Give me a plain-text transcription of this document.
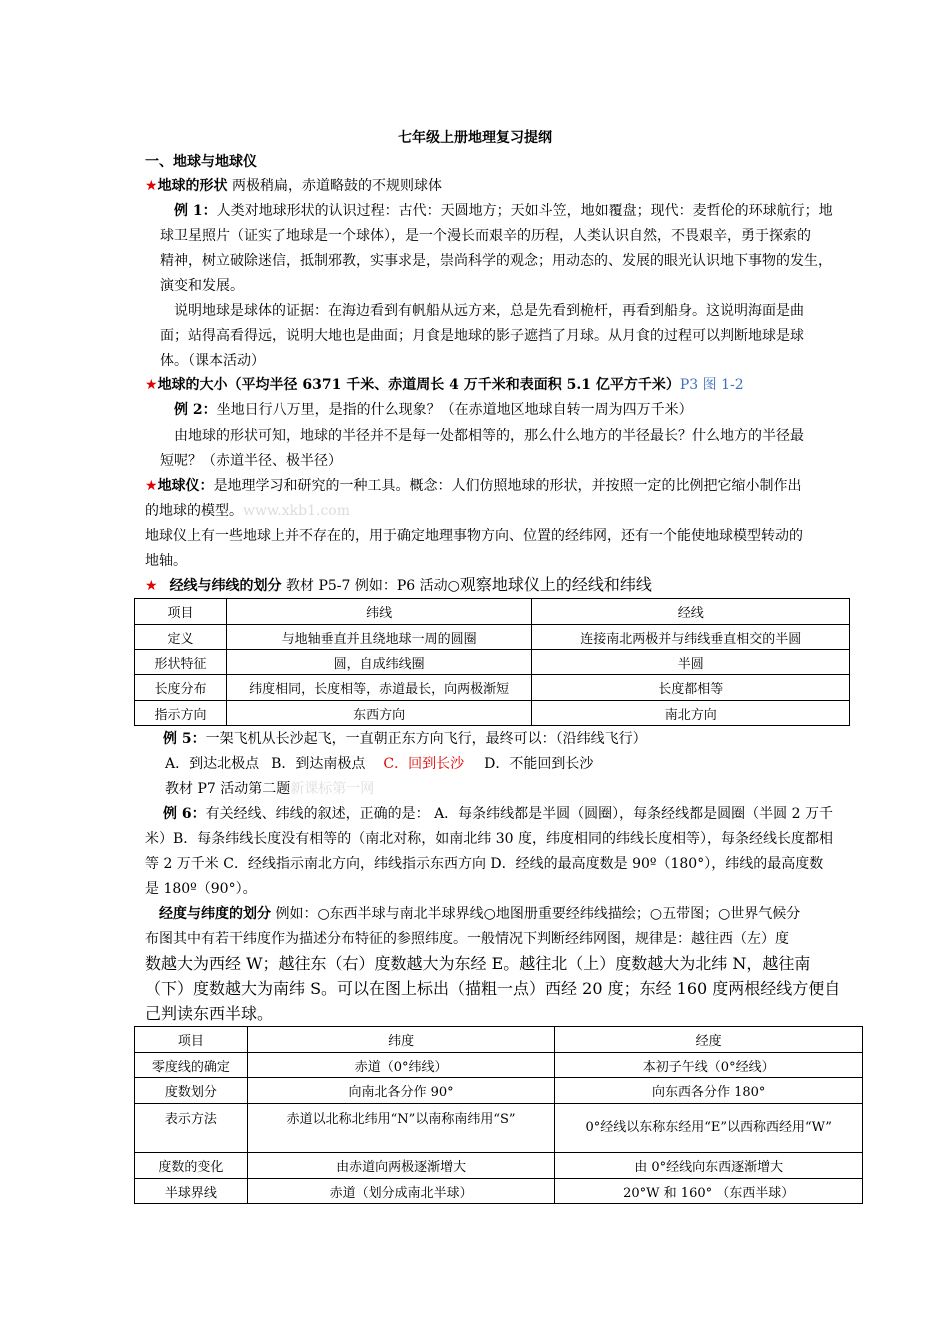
七年级上册地理复习提纲
一、地球与地球仪
★地球的形状 两极稍扁，赤道略鼓的不规则球体
例 1：人类对地球形状的认识过程：古代：天圆地方；天如斗笠，地如覆盘；现代：麦哲伦的环球航行；地
球卫星照片（证实了地球是一个球体），是一个漫长而艰辛的历程，人类认识自然，不畏艰辛，勇于探索的
精神，树立破除迷信，抵制邪教，实事求是，崇尚科学的观念；用动态的、发展的眼光认识地下事物的发生，
演变和发展。
说明地球是球体的证据：在海边看到有帆船从远方来，总是先看到桅杆，再看到船身。这说明海面是曲
面；站得高看得远，说明大地也是曲面；月食是地球的影子遮挡了月球。从月食的过程可以判断地球是球
体。（课本活动）
★地球的大小（平均半径 6371 千米、赤道周长 4 万千米和表面积 5.1 亿平方千米）P3 图 1-2
例 2：坐地日行八万里，是指的什么现象？（在赤道地区地球自转一周为四万千米）
由地球的形状可知，地球的半径并不是每一处都相等的，那么什么地方的半径最长？什么地方的半径最
短呢？（赤道半径、极半径）
★地球仪：是地理学习和研究的一种工具。概念：人们仿照地球的形状，并按照一定的比例把它缩小制作出
的地球的模型。www.xkb1.com
地球仪上有一些地球上并不存在的，用于确定地理事物方向、位置的经纬网，还有一个能使地球模型转动的
地轴。
★ 经线与纬线的划分 教材 P5-7 例如：P6 活动○观察地球仪上的经线和纬线
项目	纬线	经线
定义	与地轴垂直并且绕地球一周的圆圈	连接南北两极并与纬线垂直相交的半圆
形状特征	圆，自成纬线圈	半圆
长度分布	纬度相同，长度相等，赤道最长，向两极渐短	长度都相等
指示方向	东西方向	南北方向
例 5：一架飞机从长沙起飞，一直朝正东方向飞行，最终可以：（沿纬线飞行）
A．到达北极点 B．到达南极点 C．回到长沙 D．不能回到长沙
教材 P7 活动第二题新课标第一网
例 6：有关经线、纬线的叙述，正确的是： A．每条纬线都是半圆（圆圈），每条经线都是圆圈（半圆 2 万千
米）B．每条纬线长度没有相等的（南北对称，如南北纬 30 度，纬度相同的纬线长度相等），每条经线长度都相
等 2 万千米 C．经线指示南北方向，纬线指示东西方向 D．经线的最高度数是 90º（180°），纬线的最高度数
是 180º（90°）。
经度与纬度的划分 例如：○东西半球与南北半球界线○地图册重要经纬线描绘；○五带图；○世界气候分
布图其中有若干纬度作为描述分布特征的参照纬度。一般情况下判断经纬网图，规律是：越往西（左）度
数越大为西经 W；越往东（右）度数越大为东经 E。越往北（上）度数越大为北纬 N，越往南
（下）度数越大为南纬 S。可以在图上标出（描粗一点）西经 20 度；东经 160 度两根经线方便自
己判读东西半球。
项目	纬度	经度
零度线的确定	赤道（0°纬线）	本初子午线（0°经线）
度数划分	向南北各分作 90°	向东西各分作 180°
表示方法	赤道以北称北纬用“N”以南称南纬用“S”	0°经线以东称东经用“E”以西称西经用“W”
度数的变化	由赤道向两极逐渐增大	由 0°经线向东西逐渐增大
半球界线	赤道（划分成南北半球）	20°W 和 160° （东西半球）
